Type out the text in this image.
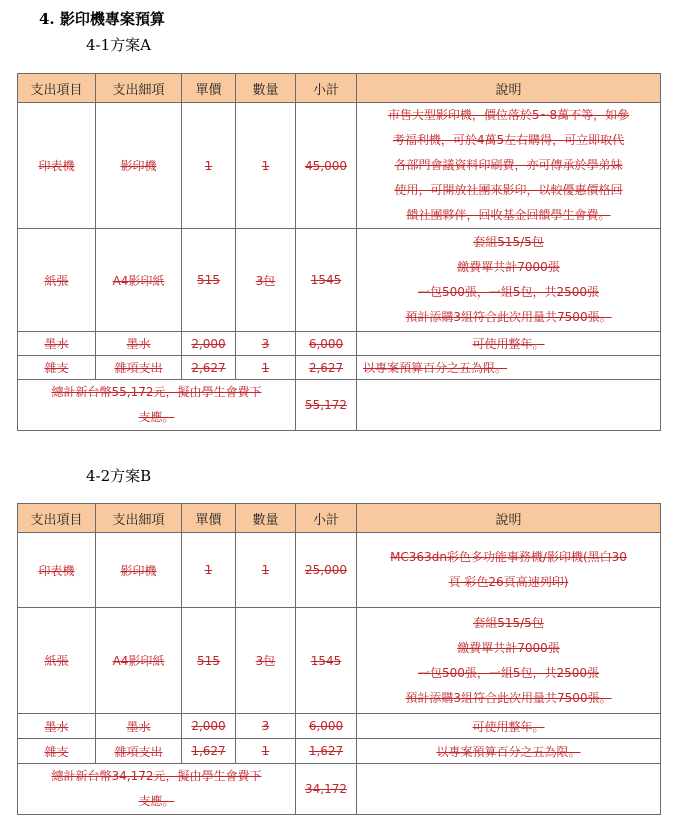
4. 影印機專案預算
4-1方案A
支出項目	支出細項	單價	數量	小計	說明
印表機	影印機	1	1	45,000	市售大型影印機，價位落於5~8萬不等，如參
考福利機，可於4萬5左右購得，可立即取代
各部門會議資料印刷費，亦可傳承於學弟妹
使用，可開放社團來影印，以較優惠價格回
饋社團夥伴，回收基金回饋學生會費。

紙張	A4影印紙	515	3包	1545	套組515/5包
繳費單共計7000張
一包500張，一組5包，共2500張
預計添購3組符合此次用量共7500張。

墨水	墨水	2,000	3	6,000	可使用整年。
雜支	雜項支出	2,627	1	2,627	以專案預算百分之五為限。

總計新台幣55,172元，擬由學生會費下
支應。				55,172	
4-2方案B
支出項目	支出細項	單價	數量	小計	說明
印表機	影印機	1	1	25,000	MC363dn彩色多功能事務機/影印機(黑白30
頁 彩色26頁高速列印)

紙張	A4影印紙	515	3包	1545	套組515/5包
繳費單共計7000張
一包500張，一組5包，共2500張
預計添購3組符合此次用量共7500張。

墨水	墨水	2,000	3	6,000	可使用整年。
雜支	雜項支出	1,627	1	1,627	以專案預算百分之五為限。

總計新台幣34,172元，擬由學生會費下
支應。				34,172	
